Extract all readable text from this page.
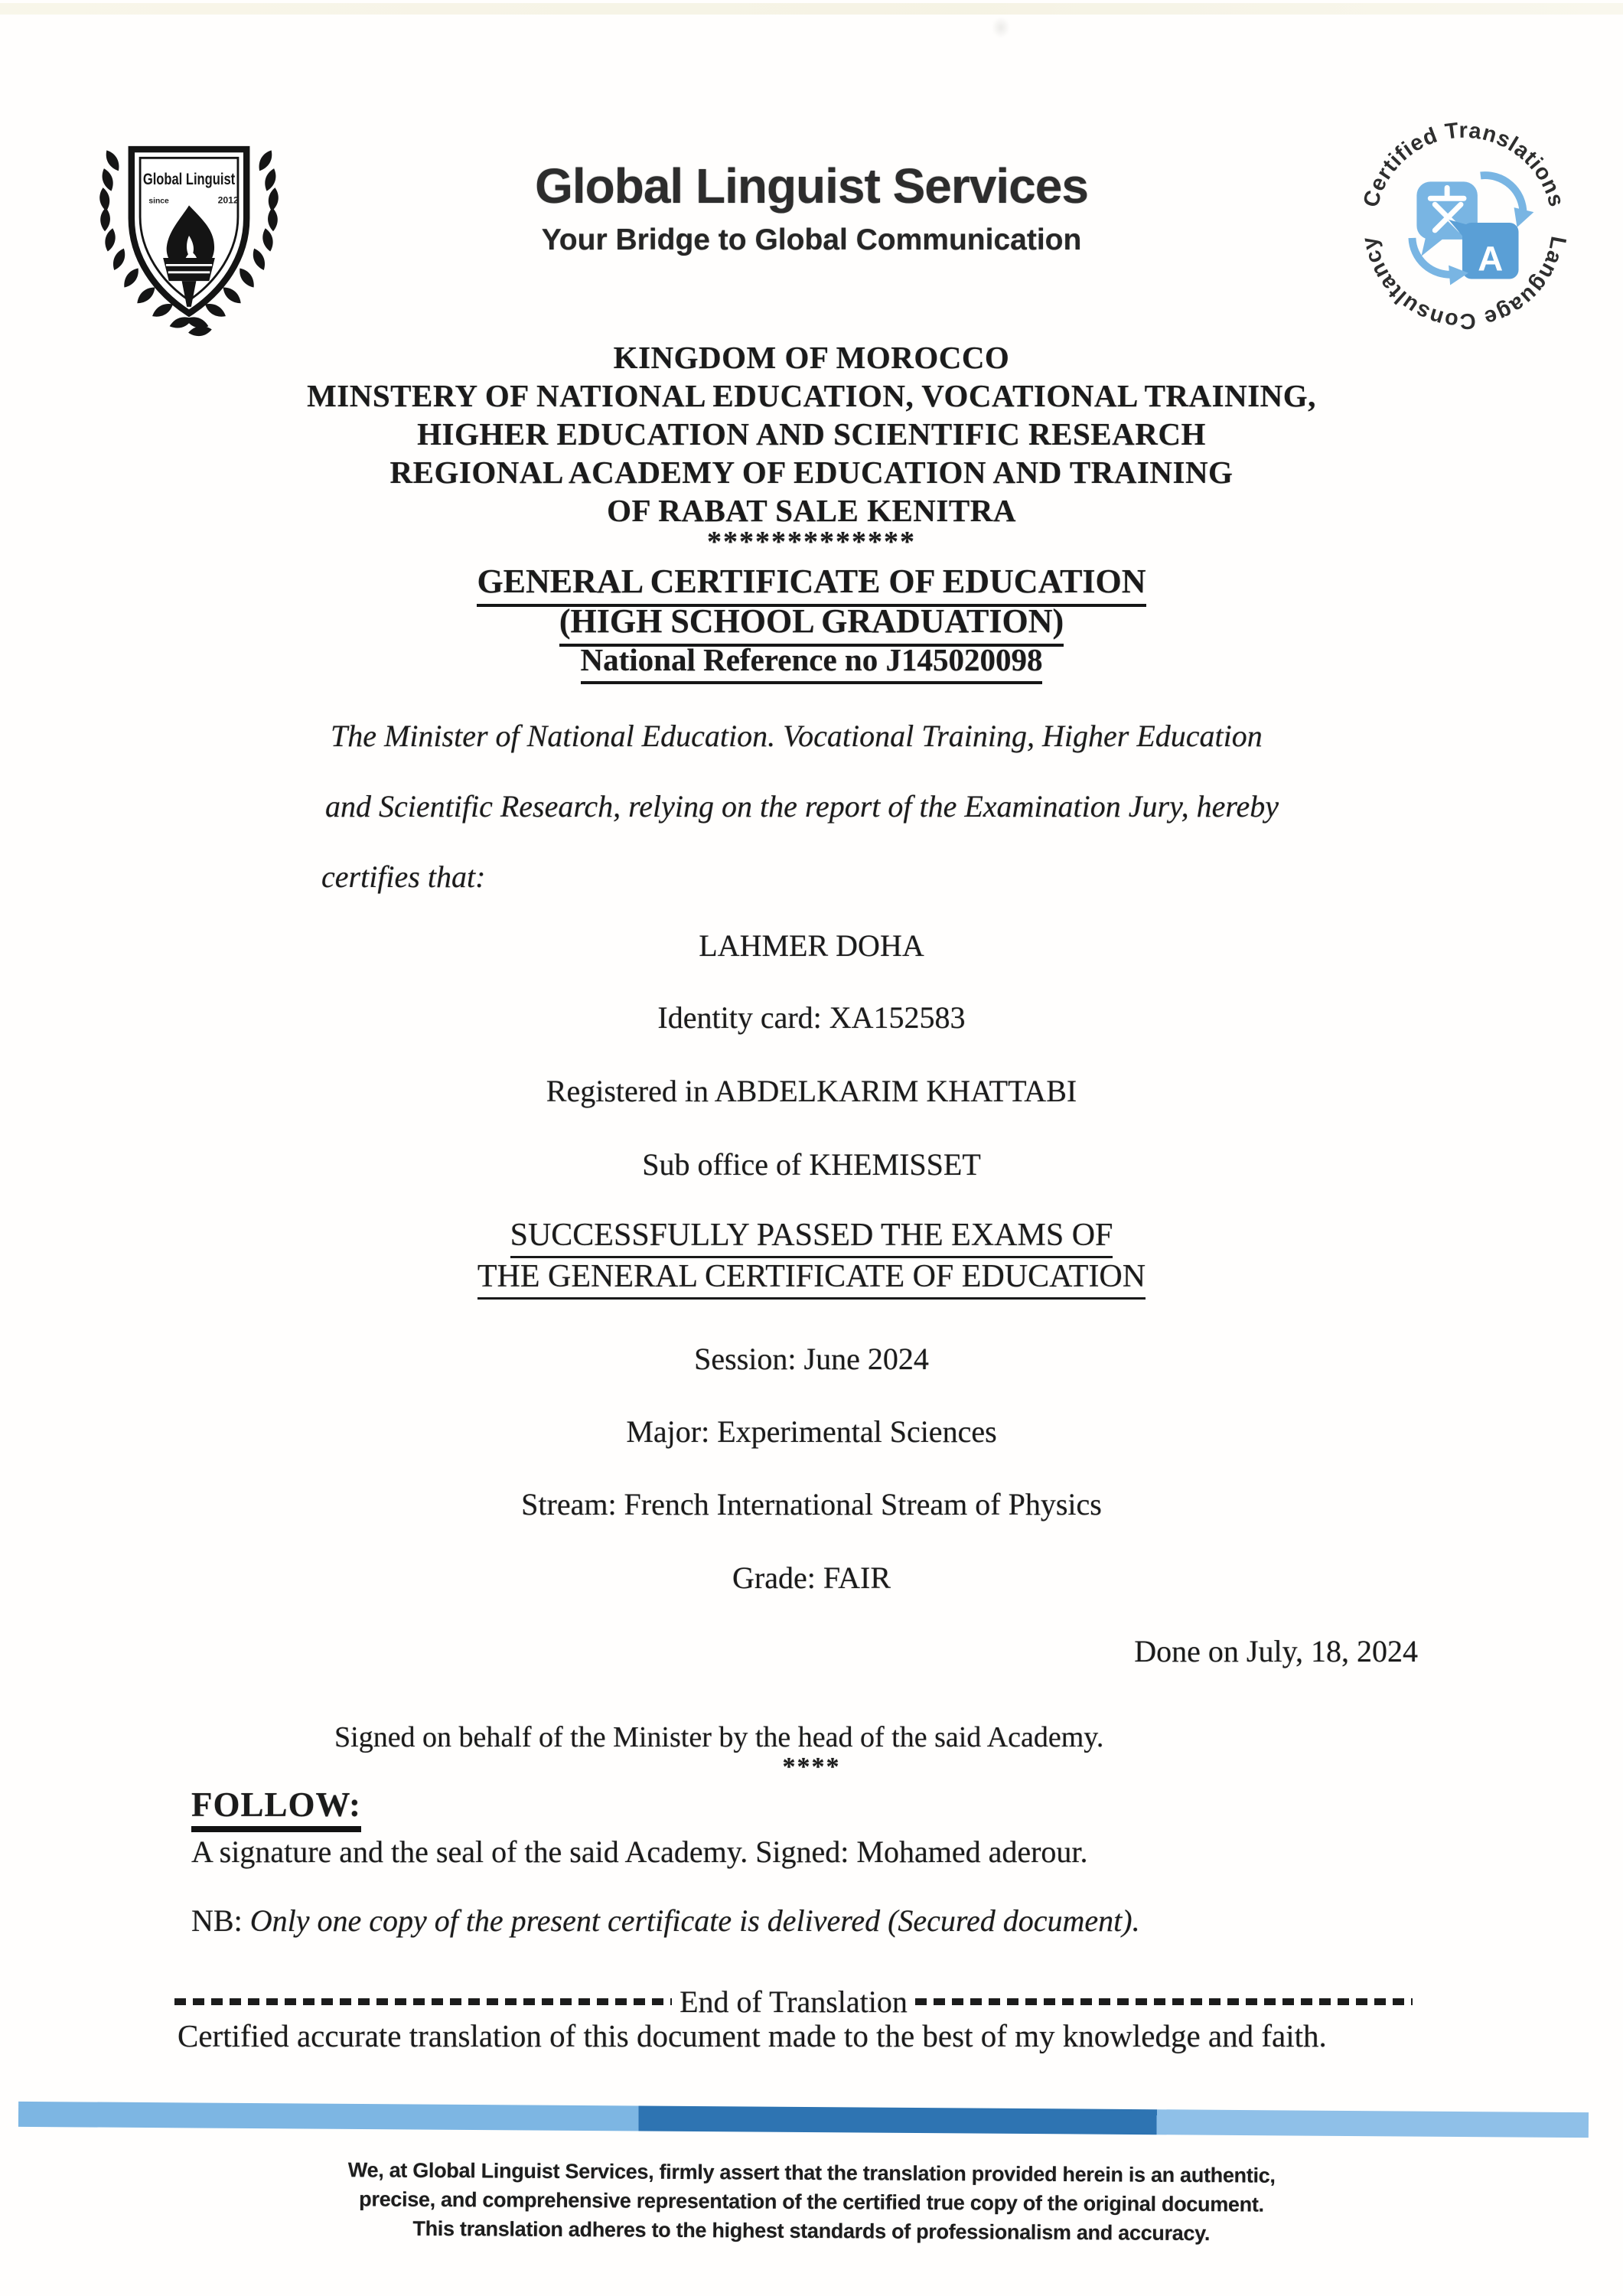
Global Linguist
since	2012	Global Linguist Services
Your Bridge to Global Communication
Certified Translations
Language Consultancy	A
KINGDOM OF MOROCCO
MINSTERY OF NATIONAL EDUCATION, VOCATIONAL TRAINING,
HIGHER EDUCATION AND SCIENTIFIC RESEARCH
REGIONAL ACADEMY OF EDUCATION AND TRAINING
OF RABAT SALE KENITRA
*************
GENERAL CERTIFICATE OF EDUCATION
(HIGH SCHOOL GRADUATION)
National Reference no J145020098
The Minister of National Education. Vocational Training, Higher Education
and Scientific Research, relying on the report of the Examination Jury, hereby
certifies that:
LAHMER DOHA
Identity card: XA152583
Registered in ABDELKARIM KHATTABI
Sub office of KHEMISSET
SUCCESSFULLY PASSED THE EXAMS OF
THE GENERAL CERTIFICATE OF EDUCATION
Session: June 2024
Major: Experimental Sciences
Stream: French International Stream of Physics
Grade: FAIR
Done on July, 18, 2024
Signed on behalf of the Minister by the head of the said Academy.
****
FOLLOW:
A signature and the seal of the said Academy. Signed: Mohamed aderour.
NB: Only one copy of the present certificate is delivered (Secured document).
End of Translation
Certified accurate translation of this document made to the best of my knowledge and faith.
We, at Global Linguist Services, firmly assert that the translation provided herein is an authentic,
precise, and comprehensive representation of the certified true copy of the original document.
This translation adheres to the highest standards of professionalism and accuracy.
